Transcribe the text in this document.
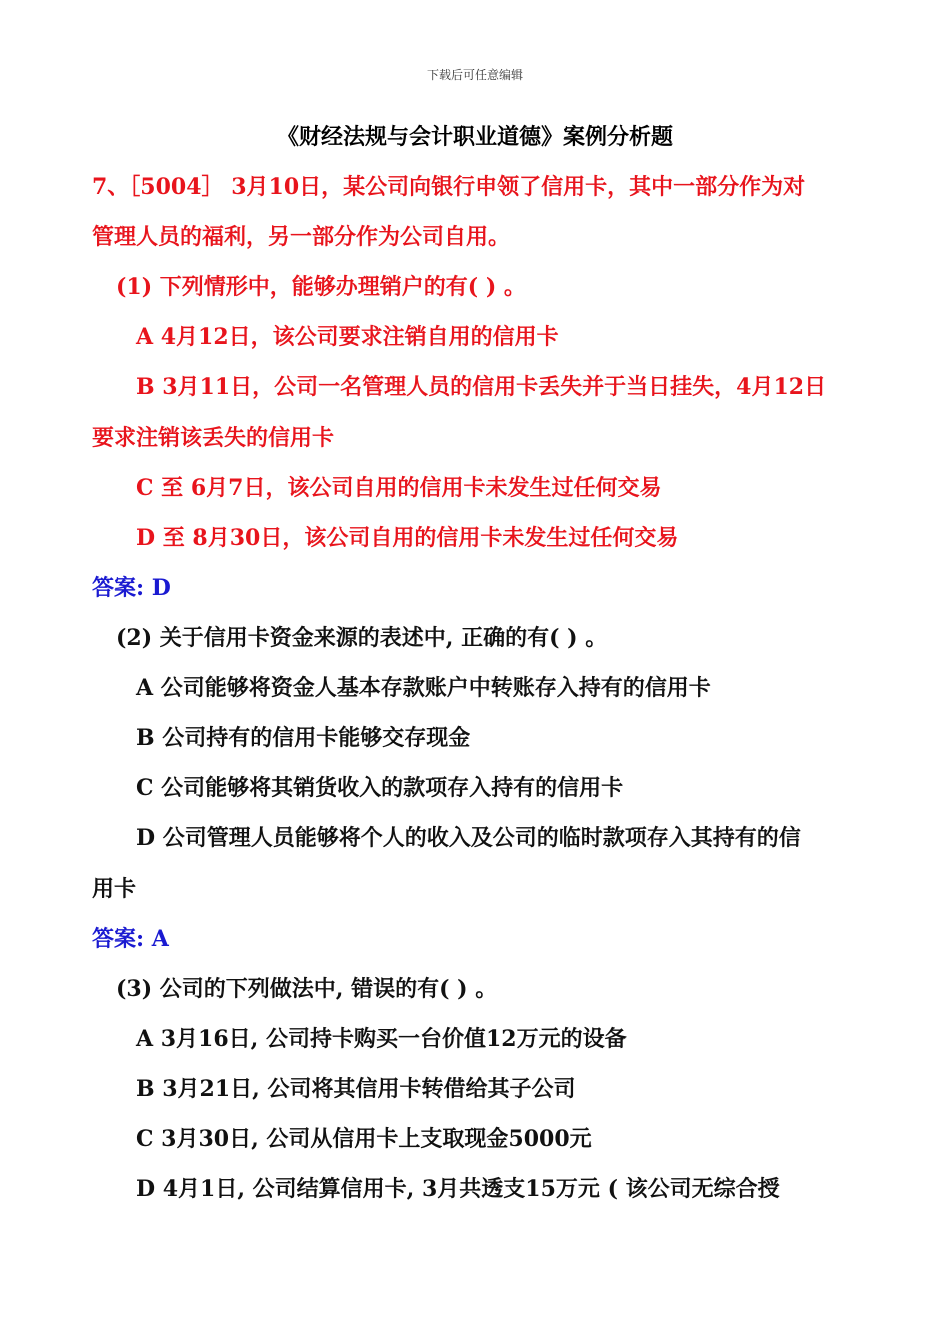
下载后可任意编辑
《财经法规与会计职业道德》案例分析题
7、［5004］ 3月10日，某公司向银行申领了信用卡，其中一部分作为对
管理人员的福利，另一部分作为公司自用。
(1) 下列情形中，能够办理销户的有( ) 。
A 4月12日，该公司要求注销自用的信用卡
B 3月11日，公司一名管理人员的信用卡丢失并于当日挂失，4月12日
要求注销该丢失的信用卡
C 至 6月7日，该公司自用的信用卡未发生过任何交易
D 至 8月30日，该公司自用的信用卡未发生过任何交易
答案: D
(2) 关于信用卡资金来源的表述中, 正确的有( ) 。
A 公司能够将资金人基本存款账户中转账存入持有的信用卡
B 公司持有的信用卡能够交存现金
C 公司能够将其销货收入的款项存入持有的信用卡
D 公司管理人员能够将个人的收入及公司的临时款项存入其持有的信
用卡
答案: A
(3) 公司的下列做法中, 错误的有( ) 。
A 3月16日, 公司持卡购买一台价值12万元的设备
B 3月21日, 公司将其信用卡转借给其子公司
C 3月30日, 公司从信用卡上支取现金5000元
D 4月1日, 公司结算信用卡, 3月共透支15万元 ( 该公司无综合授
